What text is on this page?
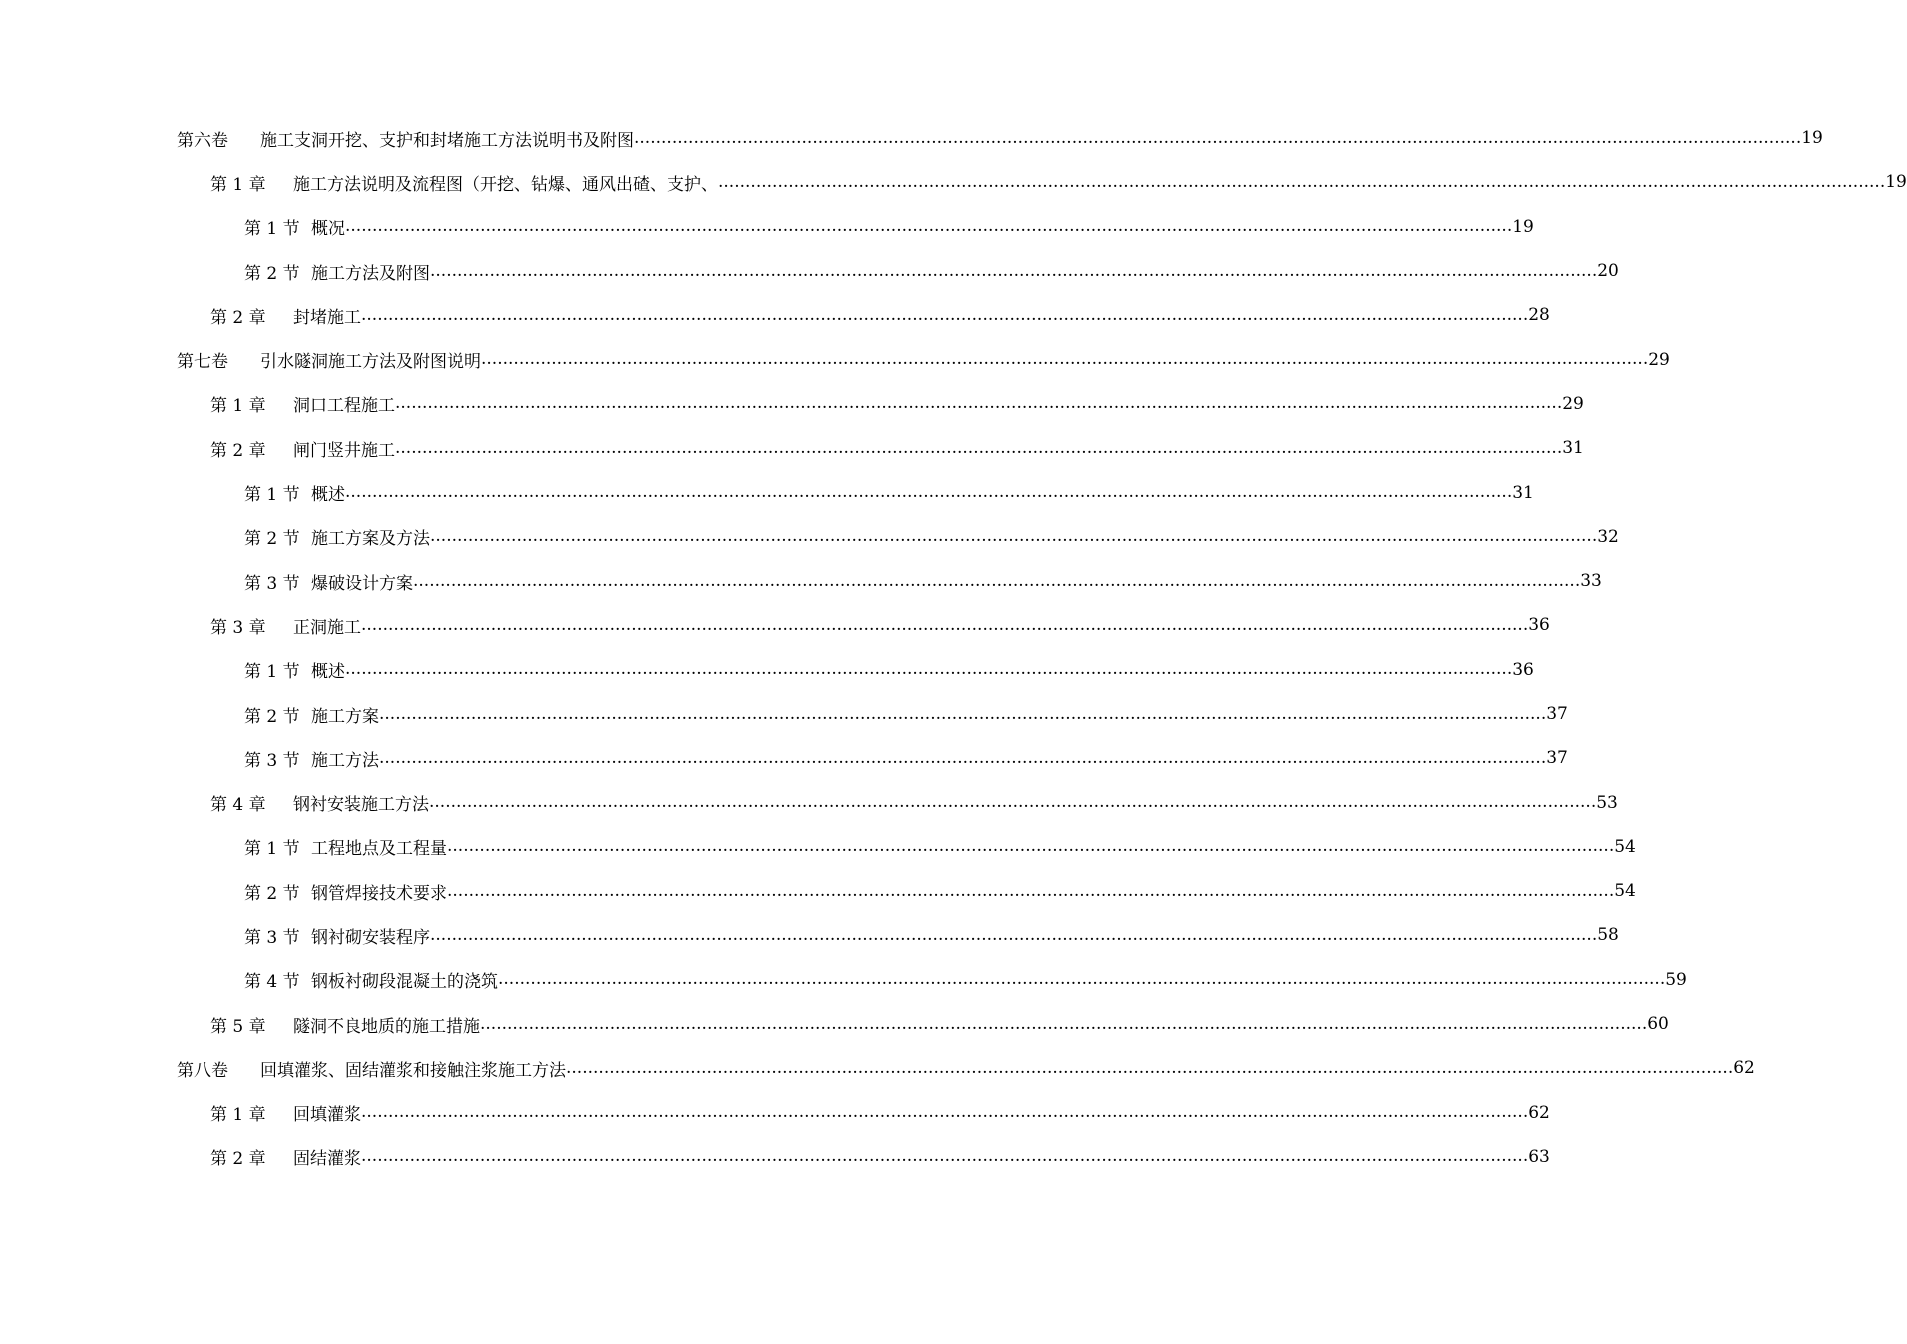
第六卷	施工支洞开挖、支护和封堵施工方法说明书及附图 .....	19
第 1 章	施工方法说明及流程图（开挖、钻爆、通风出碴、支护、 .....	19
第 1 节 概况 .....	19
第 2 节 施工方法及附图 .....	20
第 2 章	封堵施工 .....	28
第七卷	引水隧洞施工方法及附图说明 .....	29
第 1 章	洞口工程施工 .....	29
第 2 章	闸门竖井施工 .....	31
第 1 节 概述 .....	31
第 2 节 施工方案及方法 .....	32
第 3 节 爆破设计方案 .....	33
第 3 章	正洞施工 .....	36
第 1 节 概述 .....	36
第 2 节 施工方案 .....	37
第 3 节 施工方法 .....	37
第 4 章	钢衬安装施工方法 .....	53
第 1 节 工程地点及工程量 .....	54
第 2 节 钢管焊接技术要求 .....	54
第 3 节 钢衬砌安装程序 .....	58
第 4 节 钢板衬砌段混凝土的浇筑 .....	59
第 5 章	隧洞不良地质的施工措施 .....	60
第八卷	回填灌浆、固结灌浆和接触注浆施工方法 .....	62
第 1 章	回填灌浆 .....	62
第 2 章	固结灌浆 .....	63
